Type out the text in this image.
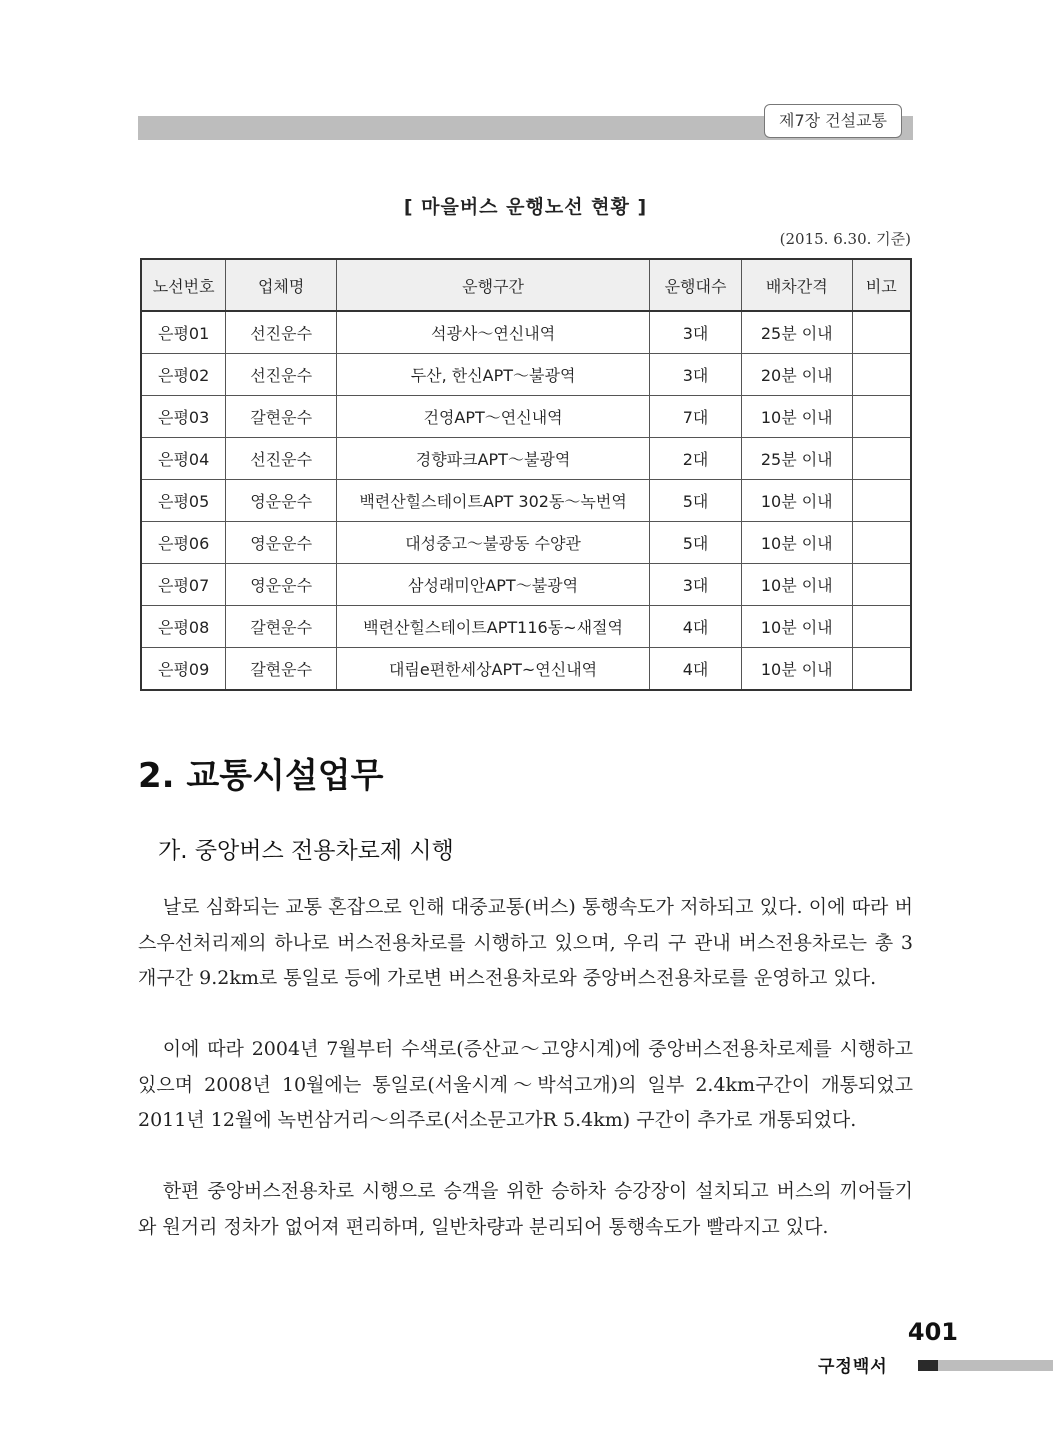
제7장 건설교통
[ 마을버스 운행노선 현황 ]
(2015. 6.30. 기준)
노선번호	업체명	운행구간	운행대수	배차간격	비고
은평01	선진운수	석광사～연신내역	3대	25분 이내	
은평02	선진운수	두산, 한신APT～불광역	3대	20분 이내	
은평03	갈현운수	건영APT～연신내역	7대	10분 이내	
은평04	선진운수	경향파크APT～불광역	2대	25분 이내	
은평05	영운운수	백련산힐스테이트APT 302동～녹번역	5대	10분 이내	
은평06	영운운수	대성중고～불광동 수양관	5대	10분 이내	
은평07	영운운수	삼성래미안APT～불광역	3대	10분 이내	
은평08	갈현운수	백련산힐스테이트APT116동~새절역	4대	10분 이내	
은평09	갈현운수	대림e편한세상APT~연신내역	4대	10분 이내	
2. 교통시설업무
가. 중앙버스 전용차로제 시행

날로 심화되는 교통 혼잡으로 인해 대중교통(버스) 통행속도가 저하되고 있다. 이에 따라 버스우선처리제의 하나로 버스전용차로를 시행하고 있으며, 우리 구 관내 버스전용차로는 총 3개구간 9.2km로 통일로 등에 가로변 버스전용차로와 중앙버스전용차로를 운영하고 있다.

이에 따라 2004년 7월부터 수색로(증산교～고양시계)에 중앙버스전용차로제를 시행하고 있으며 2008년 10월에는 통일로(서울시계～박석고개)의 일부 2.4km구간이 개통되었고 2011년 12월에 녹번삼거리～의주로(서소문고가R 5.4km) 구간이 추가로 개통되었다.

한편 중앙버스전용차로 시행으로 승객을 위한 승하차 승강장이 설치되고 버스의 끼어들기와 원거리 정차가 없어져 편리하며, 일반차량과 분리되어 통행속도가 빨라지고 있다.

401
구정백서
